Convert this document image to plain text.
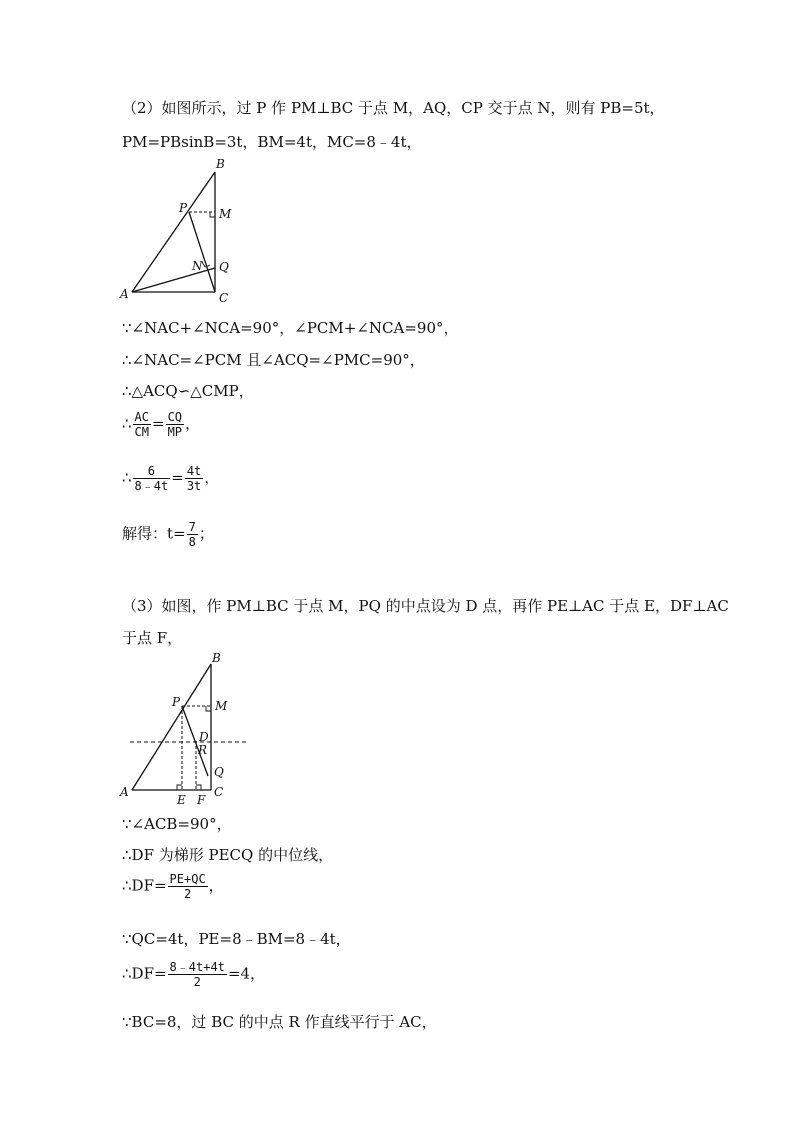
（2）如图所示，过 P 作 PM⊥BC 于点 M，AQ，CP 交于点 N，则有 PB=5t，
PM=PBsinB=3t，BM=4t，MC=8﹣4t，
A
B
C
P	M
N Q
∵∠NAC+∠NCA=90°，∠PCM+∠NCA=90°，
∴∠NAC=∠PCM 且∠ACQ=∠PMC=90°，
∴△ACQ∽△CMP，
∴ $\frac{AC}{CM} = \frac{CQ}{MP}$ ，
∴ $\frac{6}{8﹣4t} = \frac{4t}{3t}$ ，
解得：$t= \frac{7}{8}$ ；
（3）如图，作 PM⊥BC 于点 M，PQ 的中点设为 D 点，再作 PE⊥AC 于点 E，DF⊥AC
于点 F，
A
B
C
P	M
D
R
Q
E F
∵∠ACB=90°，
∴DF 为梯形 PECQ 的中位线，
∴DF= $\frac{PE+QC}{2}$ ，
∵QC=4t，PE=8﹣BM=8﹣4t，
∴DF= $\frac{8﹣4t+4t}{2} =4$，
∵BC=8，过 BC 的中点 R 作直线平行于 AC，
